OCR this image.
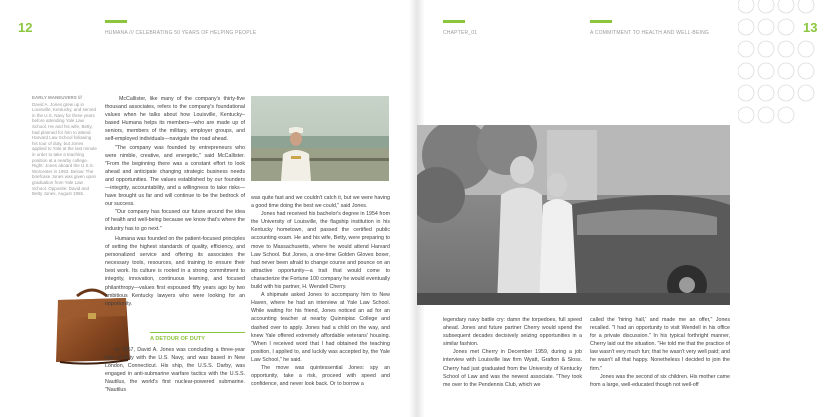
12	HUMANA /// CELEBRATING 50 YEARS OF HELPING PEOPLE	CHAPTER_01	A COMMITMENT TO HEALTH AND WELL-BEING	13
EARLY MANEUVERS ///
David A. Jones grew up in Louisville, Kentucky, and served in the U.S. Navy for three years before attending Yale Law School. He and his wife, Betty, had planned for him to attend Harvard Law School following his tour of duty, but Jones applied to Yale at the last minute in order to take a teaching position at a nearby college. Right: Jones aboard the U.S.S. Worcester in 1953. Below: The briefcase Jones was given upon graduation from Yale Law School. Opposite: David and Betty Jones, August 1955.

McCallister, like many of the company's thirty-five thousand associates, refers to the company's foundational values when he talks about how Louisville, Kentucky–based Humana helps its members—who are made up of seniors, members of the military, employer groups, and self-employed individuals—navigate the road ahead.

"The company was founded by entrepreneurs who were nimble, creative, and energetic," said McCallister. "From the beginning there was a constant effort to look ahead and anticipate changing strategic business needs and opportunities. The values established by our founders—integrity, accountability, and a willingness to take risks—have brought us far and will continue to be the bedrock of our success.

"Our company has focused our future around the idea of health and well-being because we know that's where the industry has to go next."

Humana was founded on the patient-focused principles of setting the highest standards of quality, efficiency, and personalized service and offering its associates the necessary tools, resources, and training to ensure their best work. Its culture is rooted in a strong commitment to integrity, innovation, continuous learning, and focused philanthropy—values first espoused fifty years ago by two ambitious Kentucky lawyers who were looking for an opportunity.

A DETOUR OF DUTY

In 1957, David A. Jones was concluding a three-year tour of duty with the U.S. Navy, and was based in New London, Connecticut. His ship, the U.S.S. Darby, was engaged in anti-submarine warfare tactics with the U.S.S. Nautilus, the world's first nuclear-powered submarine. "Nautilus

was quite fast and we couldn't catch it, but we were having a good time doing the best we could," said Jones.

Jones had received his bachelor's degree in 1954 from the University of Louisville, the flagship institution in his Kentucky hometown, and passed the certified public accounting exam. He and his wife, Betty, were preparing to move to Massachusetts, where he would attend Harvard Law School. But Jones, a one-time Golden Gloves boxer, had never been afraid to change course and pounce on an attractive opportunity—a trait that would come to characterize the Fortune 100 company he would eventually build with his partner, H. Wendell Cherry.

A shipmate asked Jones to accompany him to New Haven, where he had an interview at Yale Law School. While waiting for his friend, Jones noticed an ad for an accounting teacher at nearby Quinnipiac College and dashed over to apply. Jones had a child on the way, and knew Yale offered extremely affordable veterans' housing. "When I received word that I had obtained the teaching position, I applied to, and luckily was accepted by, the Yale Law School," he said.

The move was quintessential Jones: spy an opportunity, take a risk, proceed with speed and confidence, and never look back. Or to borrow a

legendary navy battle cry: damn the torpedoes, full speed ahead. Jones and future partner Cherry would spend the subsequent decades decisively seizing opportunities in a similar fashion.

Jones met Cherry in December 1959, during a job interview with Louisville law firm Wyatt, Grafton & Sloss. Cherry had just graduated from the University of Kentucky School of Law and was the newest associate. "They took me over to the Pendennis Club, which we

called the 'hiring hall,' and made me an offer," Jones recalled. "I had an opportunity to visit Wendell in his office for a private discussion." In his typical forthright manner, Cherry laid out the situation. "He told me that the practice of law wasn't very much fun; that he wasn't very well paid; and he wasn't all that happy. Nonetheless I decided to join the firm."

Jones was the second of six children. His mother came from a large, well-educated though not well-off
